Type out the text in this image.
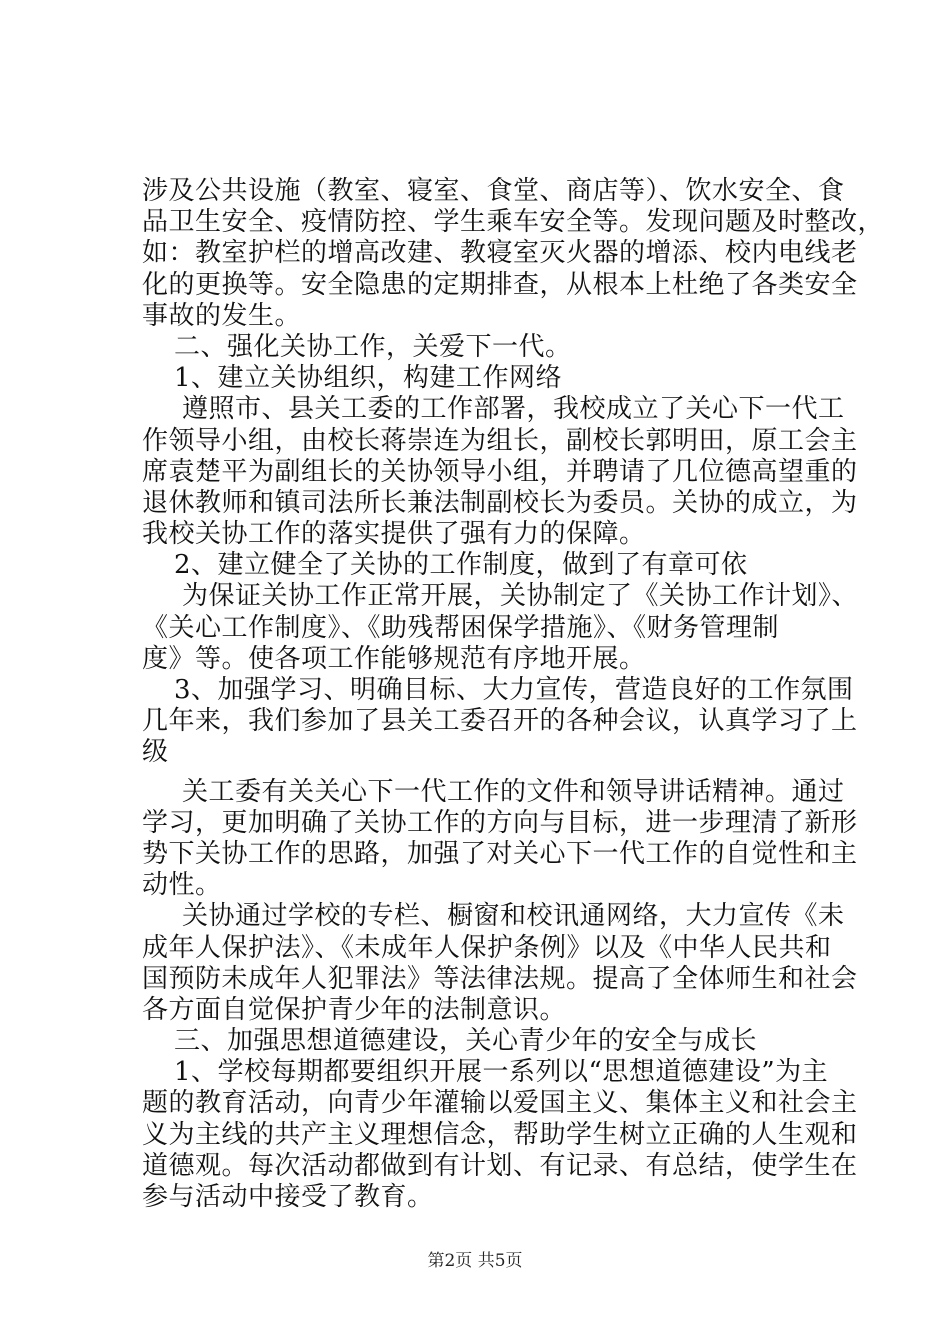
涉及公共设施（教室、寝室、食堂、商店等）、饮水安全、食
品卫生安全、疫情防控、学生乘车安全等。发现问题及时整改，
如：教室护栏的增高改建、教寝室灭火器的增添、校内电线老
化的更换等。安全隐患的定期排查，从根本上杜绝了各类安全
事故的发生。
二、强化关协工作，关爱下一代。
1、建立关协组织，构建工作网络
遵照市、县关工委的工作部署，我校成立了关心下一代工
作领导小组，由校长蒋崇连为组长，副校长郭明田，原工会主
席袁楚平为副组长的关协领导小组，并聘请了几位德高望重的
退休教师和镇司法所长兼法制副校长为委员。关协的成立，为
我校关协工作的落实提供了强有力的保障。
2、建立健全了关协的工作制度，做到了有章可依
为保证关协工作正常开展，关协制定了《关协工作计划》、
《关心工作制度》、《助残帮困保学措施》、《财务管理制
度》等。使各项工作能够规范有序地开展。
3、加强学习、明确目标、大力宣传，营造良好的工作氛围
几年来，我们参加了县关工委召开的各种会议，认真学习了上
级
关工委有关关心下一代工作的文件和领导讲话精神。通过
学习，更加明确了关协工作的方向与目标，进一步理清了新形
势下关协工作的思路，加强了对关心下一代工作的自觉性和主
动性。
关协通过学校的专栏、橱窗和校讯通网络，大力宣传《未
成年人保护法》、《未成年人保护条例》以及《中华人民共和
国预防未成年人犯罪法》等法律法规。提高了全体师生和社会
各方面自觉保护青少年的法制意识。
三、加强思想道德建设，关心青少年的安全与成长
1、学校每期都要组织开展一系列以“思想道德建设”为主
题的教育活动，向青少年灌输以爱国主义、集体主义和社会主
义为主线的共产主义理想信念，帮助学生树立正确的人生观和
道德观。每次活动都做到有计划、有记录、有总结，使学生在
参与活动中接受了教育。
第2页 共5页
